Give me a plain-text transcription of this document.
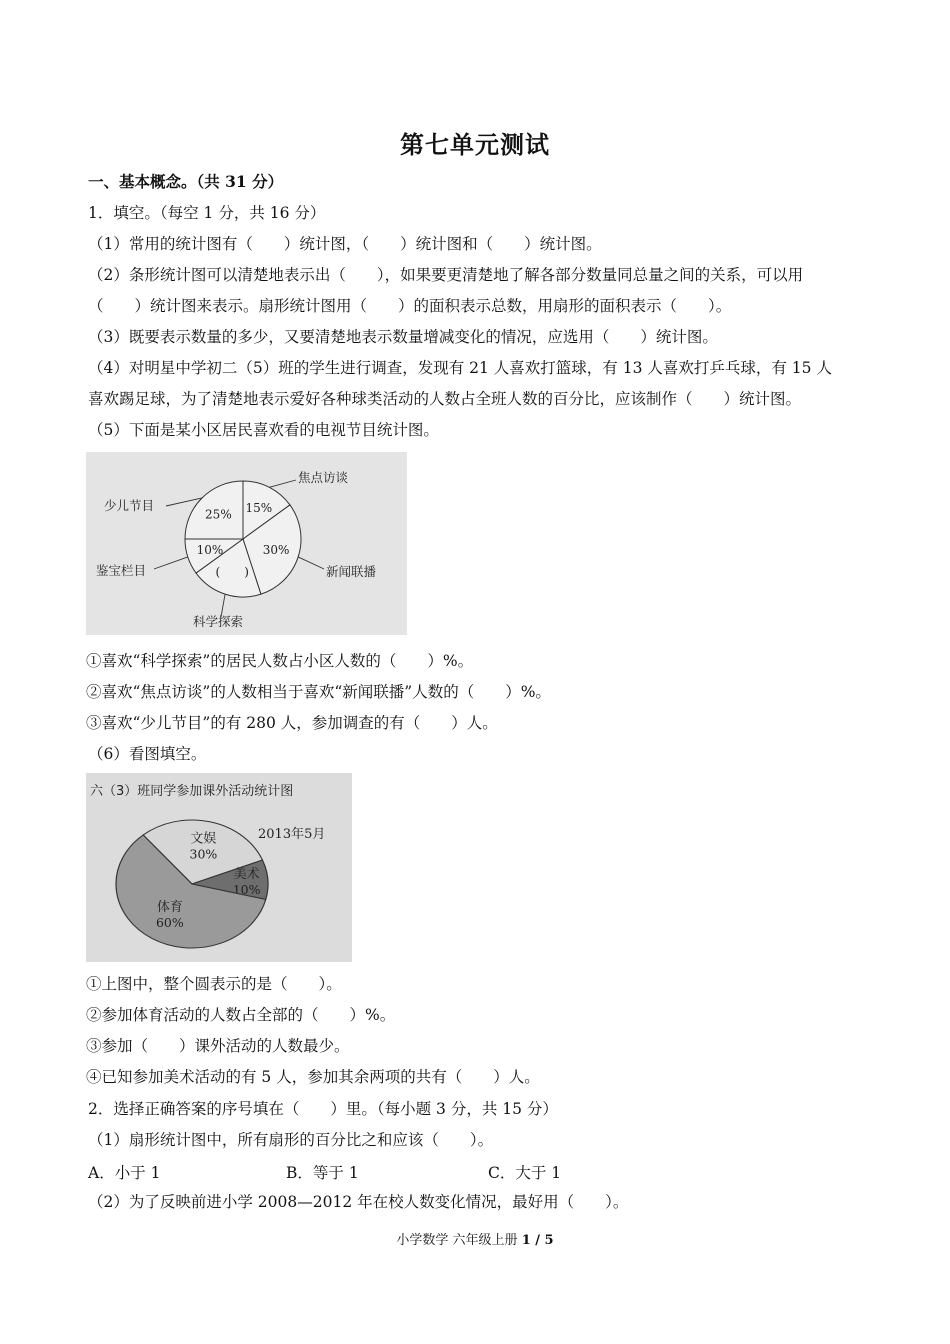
第七单元测试
一、基本概念。（共 31 分）
1．填空。（每空 1 分，共 16 分）
（1）常用的统计图有（　　）统计图，（　　）统计图和（　　）统计图。
（2）条形统计图可以清楚地表示出（　　），如果要更清楚地了解各部分数量同总量之间的关系，可以用
（　　）统计图来表示。扇形统计图用（　　）的面积表示总数，用扇形的面积表示（　　）。
（3）既要表示数量的多少，又要清楚地表示数量增减变化的情况，应选用（　　）统计图。
（4）对明星中学初二（5）班的学生进行调查，发现有 21 人喜欢打篮球，有 13 人喜欢打乒乓球，有 15 人
喜欢踢足球，为了清楚地表示爱好各种球类活动的人数占全班人数的百分比，应该制作（　　）统计图。
（5）下面是某小区居民喜欢看的电视节目统计图。
15%
焦点访谈
30%
新闻联播
(　　)
科学探索
10%
鉴宝栏目
25%
少儿节目
①喜欢“科学探索”的居民人数占小区人数的（　　）%。
②喜欢“焦点访谈”的人数相当于喜欢“新闻联播”人数的（　　）%。
③喜欢“少儿节目”的有 280 人，参加调查的有（　　）人。
（6）看图填空。
六（3）班同学参加课外活动统计图
2013年5月
文娱
30%
美术
10%
体育
60%
①上图中，整个圆表示的是（　　）。
②参加体育活动的人数占全部的（　　）%。
③参加（　　）课外活动的人数最少。
④已知参加美术活动的有 5 人，参加其余两项的共有（　　）人。
2．选择正确答案的序号填在（　　）里。（每小题 3 分，共 15 分）
（1）扇形统计图中，所有扇形的百分比之和应该（　　）。
A．小于 1	B．等于 1	C．大于 1
（2）为了反映前进小学 2008—2012 年在校人数变化情况，最好用（　　）。
小学数学 六年级上册 1 / 5
